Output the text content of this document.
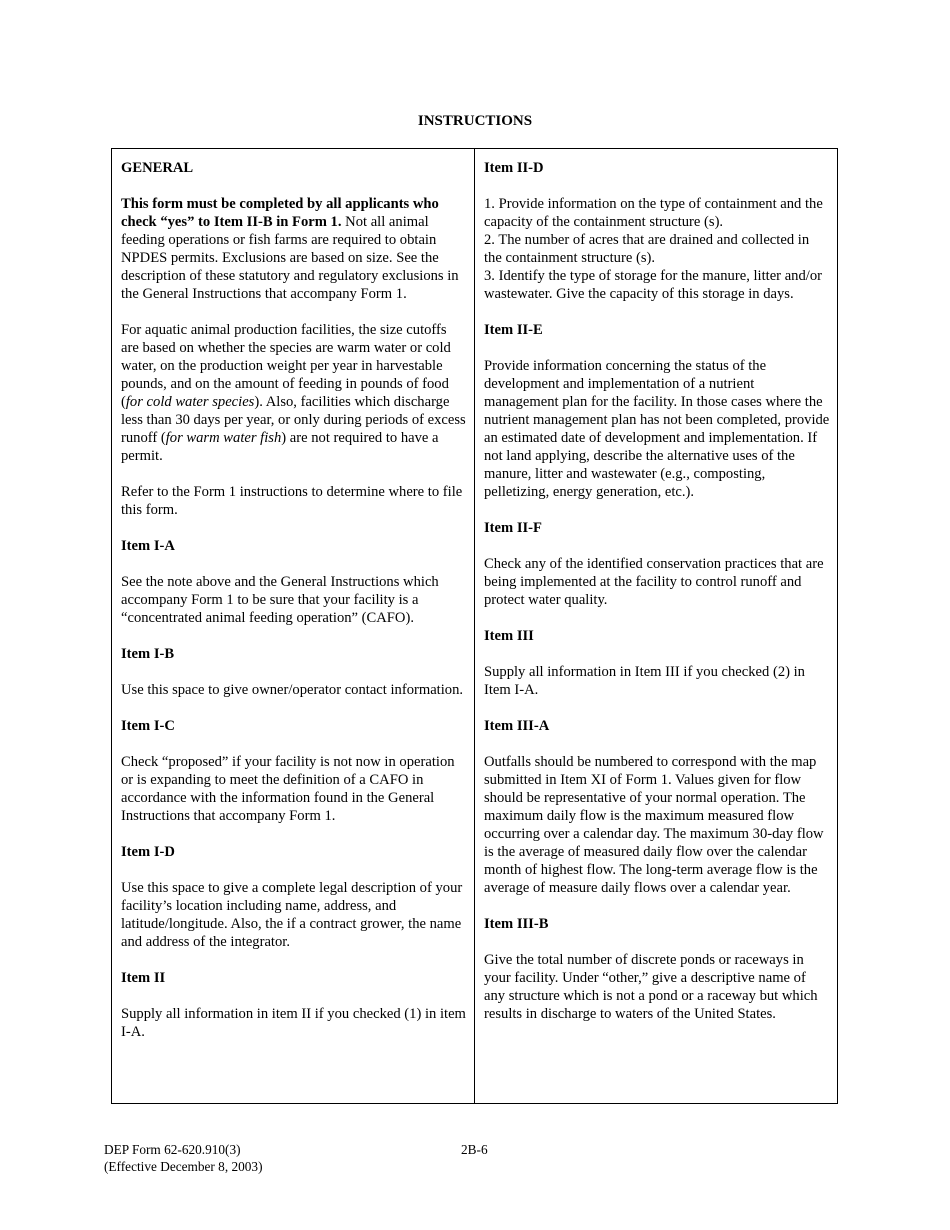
INSTRUCTIONS
GENERAL

This form must be completed by all applicants who check “yes” to Item II-B in Form 1. Not all animal feeding operations or fish farms are required to obtain NPDES permits. Exclusions are based on size. See the description of these statutory and regulatory exclusions in the General Instructions that accompany Form 1.

For aquatic animal production facilities, the size cutoffs are based on whether the species are warm water or cold water, on the production weight per year in harvestable pounds, and on the amount of feeding in pounds of food (for cold water species). Also, facilities which discharge less than 30 days per year, or only during periods of excess runoff (for warm water fish) are not required to have a permit.

Refer to the Form 1 instructions to determine where to file this form.

Item I-A

See the note above and the General Instructions which accompany Form 1 to be sure that your facility is a “concentrated animal feeding operation” (CAFO).

Item I-B

Use this space to give owner/operator contact information.

Item I-C

Check “proposed” if your facility is not now in operation or is expanding to meet the definition of a CAFO in accordance with the information found in the General Instructions that accompany Form 1.

Item I-D

Use this space to give a complete legal description of your facility’s location including name, address, and latitude/longitude. Also, the if a contract grower, the name and address of the integrator.

Item II

Supply all information in item II if you checked (1) in item I-A.

Item II-D

1. Provide information on the type of containment and the capacity of the containment structure (s).
2. The number of acres that are drained and collected in the containment structure (s).
3. Identify the type of storage for the manure, litter and/or wastewater. Give the capacity of this storage in days.

Item II-E

Provide information concerning the status of the development and implementation of a nutrient management plan for the facility. In those cases where the nutrient management plan has not been completed, provide an estimated date of development and implementation. If not land applying, describe the alternative uses of the manure, litter and wastewater (e.g., composting, pelletizing, energy generation, etc.).

Item II-F

Check any of the identified conservation practices that are being implemented at the facility to control runoff and protect water quality.

Item III

Supply all information in Item III if you checked (2) in Item I-A.

Item III-A

Outfalls should be numbered to correspond with the map submitted in Item XI of Form 1. Values given for flow should be representative of your normal operation. The maximum daily flow is the maximum measured flow occurring over a calendar day. The maximum 30-day flow is the average of measured daily flow over the calendar month of highest flow. The long-term average flow is the average of measure daily flows over a calendar year.

Item III-B

Give the total number of discrete ponds or raceways in your facility. Under “other,” give a descriptive name of any structure which is not a pond or a raceway but which results in discharge to waters of the United States.

DEP Form 62-620.910(3)
(Effective December 8, 2003)
2B-6
